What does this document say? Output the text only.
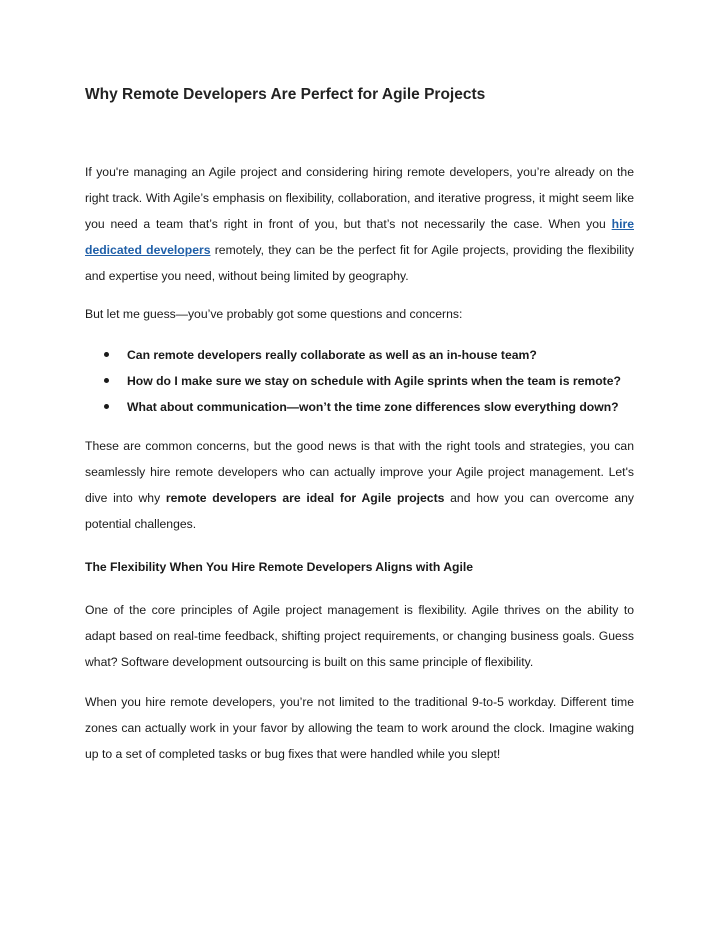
Why Remote Developers Are Perfect for Agile Projects

If you're managing an Agile project and considering hiring remote developers, you’re already on the right track. With Agile’s emphasis on flexibility, collaboration, and iterative progress, it might seem like you need a team that’s right in front of you, but that’s not necessarily the case. When you hire dedicated developers remotely, they can be the perfect fit for Agile projects, providing the flexibility and expertise you need, without being limited by geography.

But let me guess—you’ve probably got some questions and concerns:

Can remote developers really collaborate as well as an in-house team?
How do I make sure we stay on schedule with Agile sprints when the team is remote?
What about communication—won’t the time zone differences slow everything down?

These are common concerns, but the good news is that with the right tools and strategies, you can seamlessly hire remote developers who can actually improve your Agile project management. Let's dive into why remote developers are ideal for Agile projects and how you can overcome any potential challenges.

The Flexibility When You Hire Remote Developers Aligns with Agile

One of the core principles of Agile project management is flexibility. Agile thrives on the ability to adapt based on real-time feedback, shifting project requirements, or changing business goals. Guess what? Software development outsourcing is built on this same principle of flexibility.

When you hire remote developers, you’re not limited to the traditional 9-to-5 workday. Different time zones can actually work in your favor by allowing the team to work around the clock. Imagine waking up to a set of completed tasks or bug fixes that were handled while you slept!
